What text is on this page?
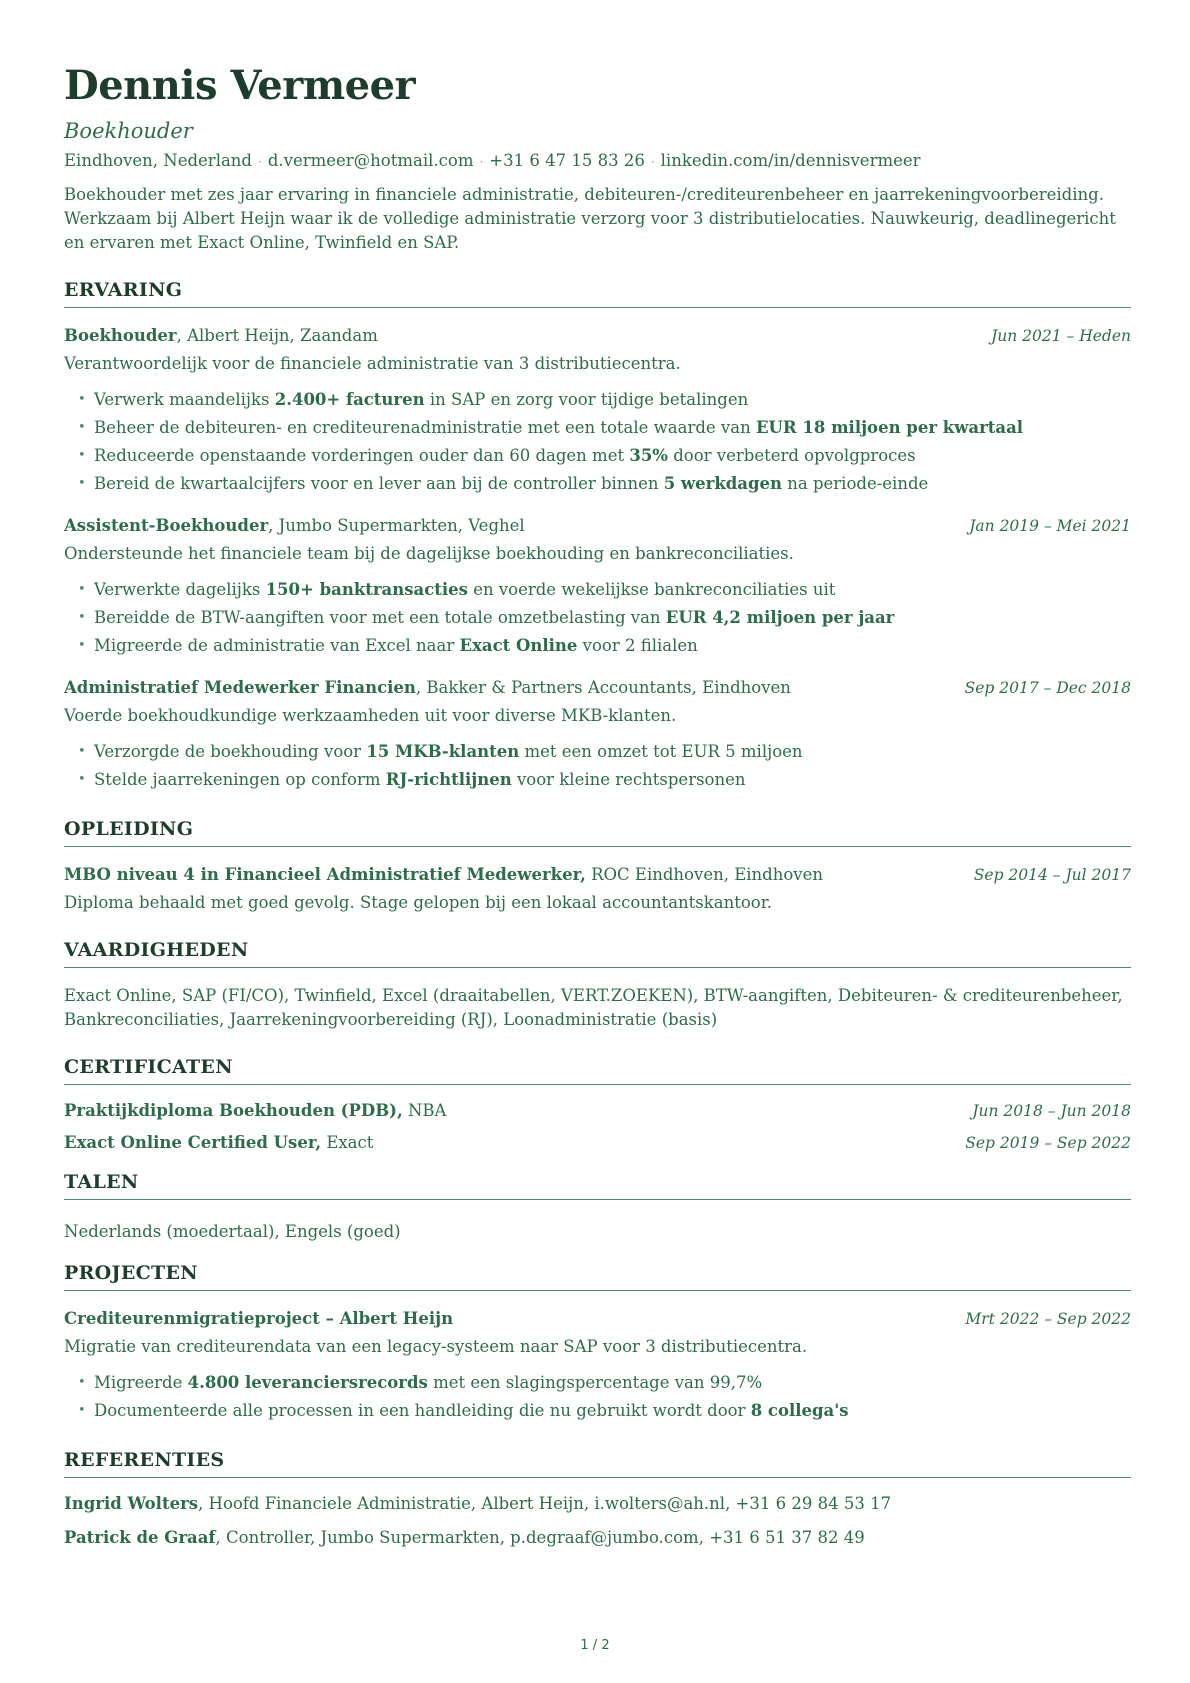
Dennis Vermeer
Boekhouder
Eindhoven, Nederland · d.vermeer@hotmail.com · +31 6 47 15 83 26 · linkedin.com/in/dennisvermeer
Boekhouder met zes jaar ervaring in financiele administratie, debiteuren-/crediteurenbeheer en jaarrekeningvoorbereiding. Werkzaam bij Albert Heijn waar ik de volledige administratie verzorg voor 3 distributielocaties. Nauwkeurig, deadlinegericht en ervaren met Exact Online, Twinfield en SAP.
ERVARING
Boekhouder, Albert Heijn, Zaandam	Jun 2021 – Heden
Verantwoordelijk voor de financiele administratie van 3 distributiecentra.
• Verwerk maandelijks 2.400+ facturen in SAP en zorg voor tijdige betalingen
• Beheer de debiteuren- en crediteurenadministratie met een totale waarde van EUR 18 miljoen per kwartaal
• Reduceerde openstaande vorderingen ouder dan 60 dagen met 35% door verbeterd opvolgproces
• Bereid de kwartaalcijfers voor en lever aan bij de controller binnen 5 werkdagen na periode-einde
Assistent-Boekhouder, Jumbo Supermarkten, Veghel	Jan 2019 – Mei 2021
Ondersteunde het financiele team bij de dagelijkse boekhouding en bankreconciliaties.
• Verwerkte dagelijks 150+ banktransacties en voerde wekelijkse bankreconciliaties uit
• Bereidde de BTW-aangiften voor met een totale omzetbelasting van EUR 4,2 miljoen per jaar
• Migreerde de administratie van Excel naar Exact Online voor 2 filialen
Administratief Medewerker Financien, Bakker & Partners Accountants, Eindhoven	Sep 2017 – Dec 2018
Voerde boekhoudkundige werkzaamheden uit voor diverse MKB-klanten.
• Verzorgde de boekhouding voor 15 MKB-klanten met een omzet tot EUR 5 miljoen
• Stelde jaarrekeningen op conform RJ-richtlijnen voor kleine rechtspersonen
OPLEIDING
MBO niveau 4 in Financieel Administratief Medewerker, ROC Eindhoven, Eindhoven	Sep 2014 – Jul 2017
Diploma behaald met goed gevolg. Stage gelopen bij een lokaal accountantskantoor.
VAARDIGHEDEN
Exact Online, SAP (FI/CO), Twinfield, Excel (draaitabellen, VERT.ZOEKEN), BTW-aangiften, Debiteuren- & crediteurenbeheer, Bankreconciliaties, Jaarrekeningvoorbereiding (RJ), Loonadministratie (basis)
CERTIFICATEN
Praktijkdiploma Boekhouden (PDB), NBA	Jun 2018 – Jun 2018
Exact Online Certified User, Exact	Sep 2019 – Sep 2022
TALEN
Nederlands (moedertaal), Engels (goed)
PROJECTEN
Crediteurenmigratieproject – Albert Heijn	Mrt 2022 – Sep 2022
Migratie van crediteurendata van een legacy-systeem naar SAP voor 3 distributiecentra.
• Migreerde 4.800 leveranciersrecords met een slagingspercentage van 99,7%
• Documenteerde alle processen in een handleiding die nu gebruikt wordt door 8 collega's
REFERENTIES
Ingrid Wolters, Hoofd Financiele Administratie, Albert Heijn, i.wolters@ah.nl, +31 6 29 84 53 17
Patrick de Graaf, Controller, Jumbo Supermarkten, p.degraaf@jumbo.com, +31 6 51 37 82 49
1 / 2
